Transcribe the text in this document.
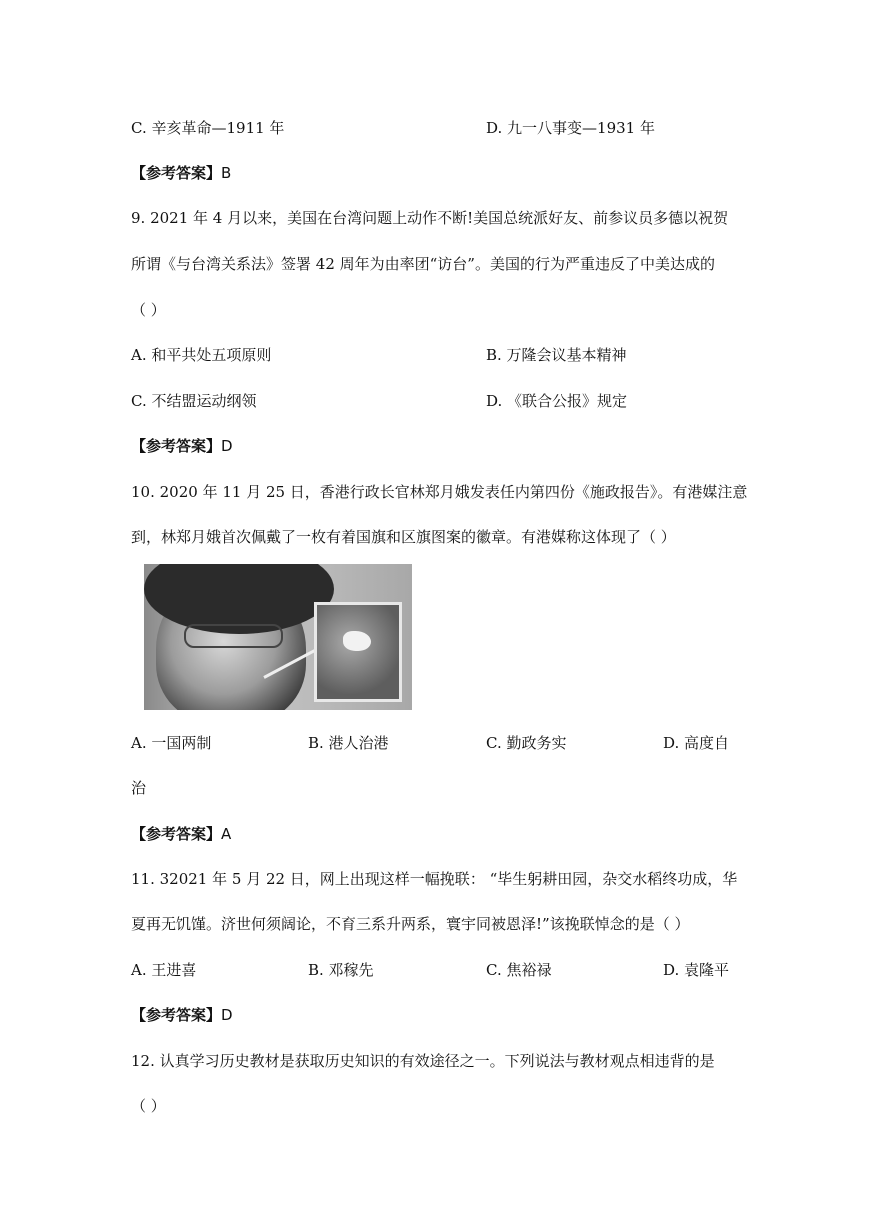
C. 辛亥革命—1911 年	D. 九一八事变—1931 年
【参考答案】B
9. 2021 年 4 月以来，美国在台湾问题上动作不断!美国总统派好友、前参议员多德以祝贺
所谓《与台湾关系法》签署 42 周年为由率团“访台”。美国的行为严重违反了中美达成的
（ ）
A. 和平共处五项原则	B. 万隆会议基本精神
C. 不结盟运动纲领	D. 《联合公报》规定
【参考答案】D
10. 2020 年 11 月 25 日，香港行政长官林郑月娥发表任内第四份《施政报告》。有港媒注意
到，林郑月娥首次佩戴了一枚有着国旗和区旗图案的徽章。有港媒称这体现了（ ）
A. 一国两制	B. 港人治港	C. 勤政务实	D. 高度自
治
【参考答案】A
11. 32021 年 5 月 22 日，网上出现这样一幅挽联： “毕生躬耕田园，杂交水稻终功成，华
夏再无饥馑。济世何须阔论，不育三系升两系，寰宇同被恩泽!”该挽联悼念的是（ ）
A. 王进喜	B. 邓稼先	C. 焦裕禄	D. 袁隆平
【参考答案】D
12. 认真学习历史教材是获取历史知识的有效途径之一。下列说法与教材观点相违背的是
（ ）
